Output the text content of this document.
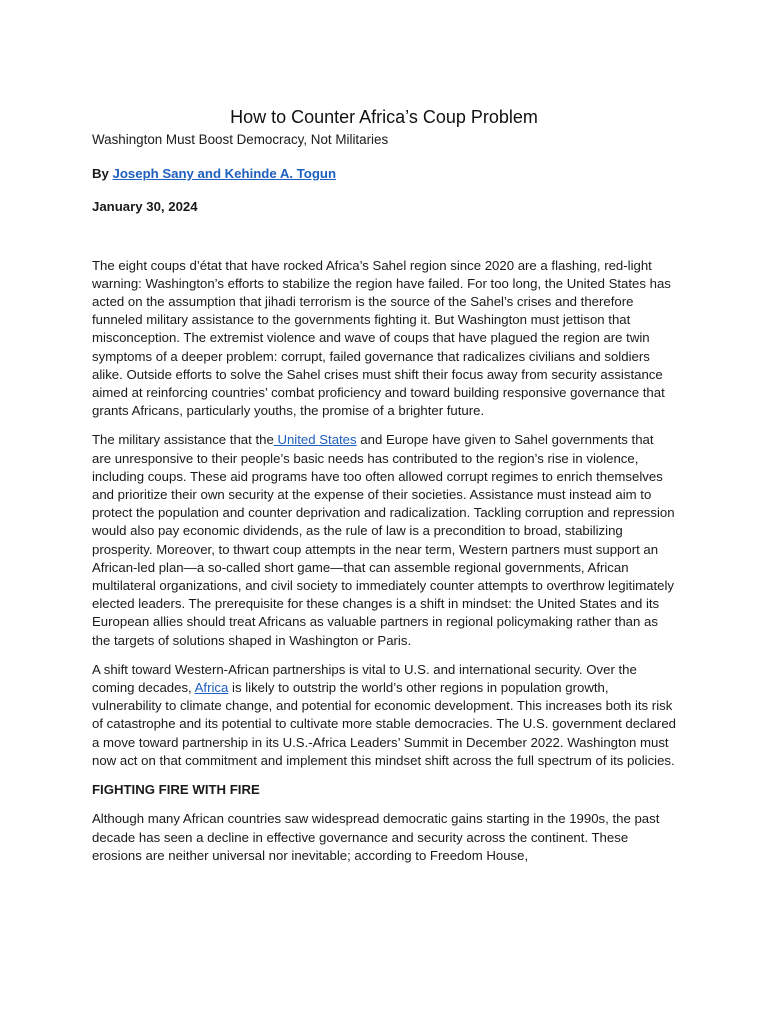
How to Counter Africa’s Coup Problem
Washington Must Boost Democracy, Not Militaries
By Joseph Sany and Kehinde A. Togun
January 30, 2024

The eight coups d’état that have rocked Africa’s Sahel region since 2020 are a flashing, red-light warning: Washington’s efforts to stabilize the region have failed. For too long, the United States has acted on the assumption that jihadi terrorism is the source of the Sahel’s crises and therefore funneled military assistance to the governments fighting it. But Washington must jettison that misconception. The extremist violence and wave of coups that have plagued the region are twin symptoms of a deeper problem: corrupt, failed governance that radicalizes civilians and soldiers alike. Outside efforts to solve the Sahel crises must shift their focus away from security assistance aimed at reinforcing countries’ combat proficiency and toward building responsive governance that grants Africans, particularly youths, the promise of a brighter future.

The military assistance that the United States and Europe have given to Sahel governments that are unresponsive to their people’s basic needs has contributed to the region’s rise in violence, including coups. These aid programs have too often allowed corrupt regimes to enrich themselves and prioritize their own security at the expense of their societies. Assistance must instead aim to protect the population and counter deprivation and radicalization. Tackling corruption and repression would also pay economic dividends, as the rule of law is a precondition to broad, stabilizing prosperity. Moreover, to thwart coup attempts in the near term, Western partners must support an African-led plan—a so-called short game—that can assemble regional governments, African multilateral organizations, and civil society to immediately counter attempts to overthrow legitimately elected leaders. The prerequisite for these changes is a shift in mindset: the United States and its European allies should treat Africans as valuable partners in regional policymaking rather than as the targets of solutions shaped in Washington or Paris.

A shift toward Western-African partnerships is vital to U.S. and international security. Over the coming decades, Africa is likely to outstrip the world’s other regions in population growth, vulnerability to climate change, and potential for economic development. This increases both its risk of catastrophe and its potential to cultivate more stable democracies. The U.S. government declared a move toward partnership in its U.S.-Africa Leaders’ Summit in December 2022. Washington must now act on that commitment and implement this mindset shift across the full spectrum of its policies.

FIGHTING FIRE WITH FIRE

Although many African countries saw widespread democratic gains starting in the 1990s, the past decade has seen a decline in effective governance and security across the continent. These erosions are neither universal nor inevitable; according to Freedom House,
